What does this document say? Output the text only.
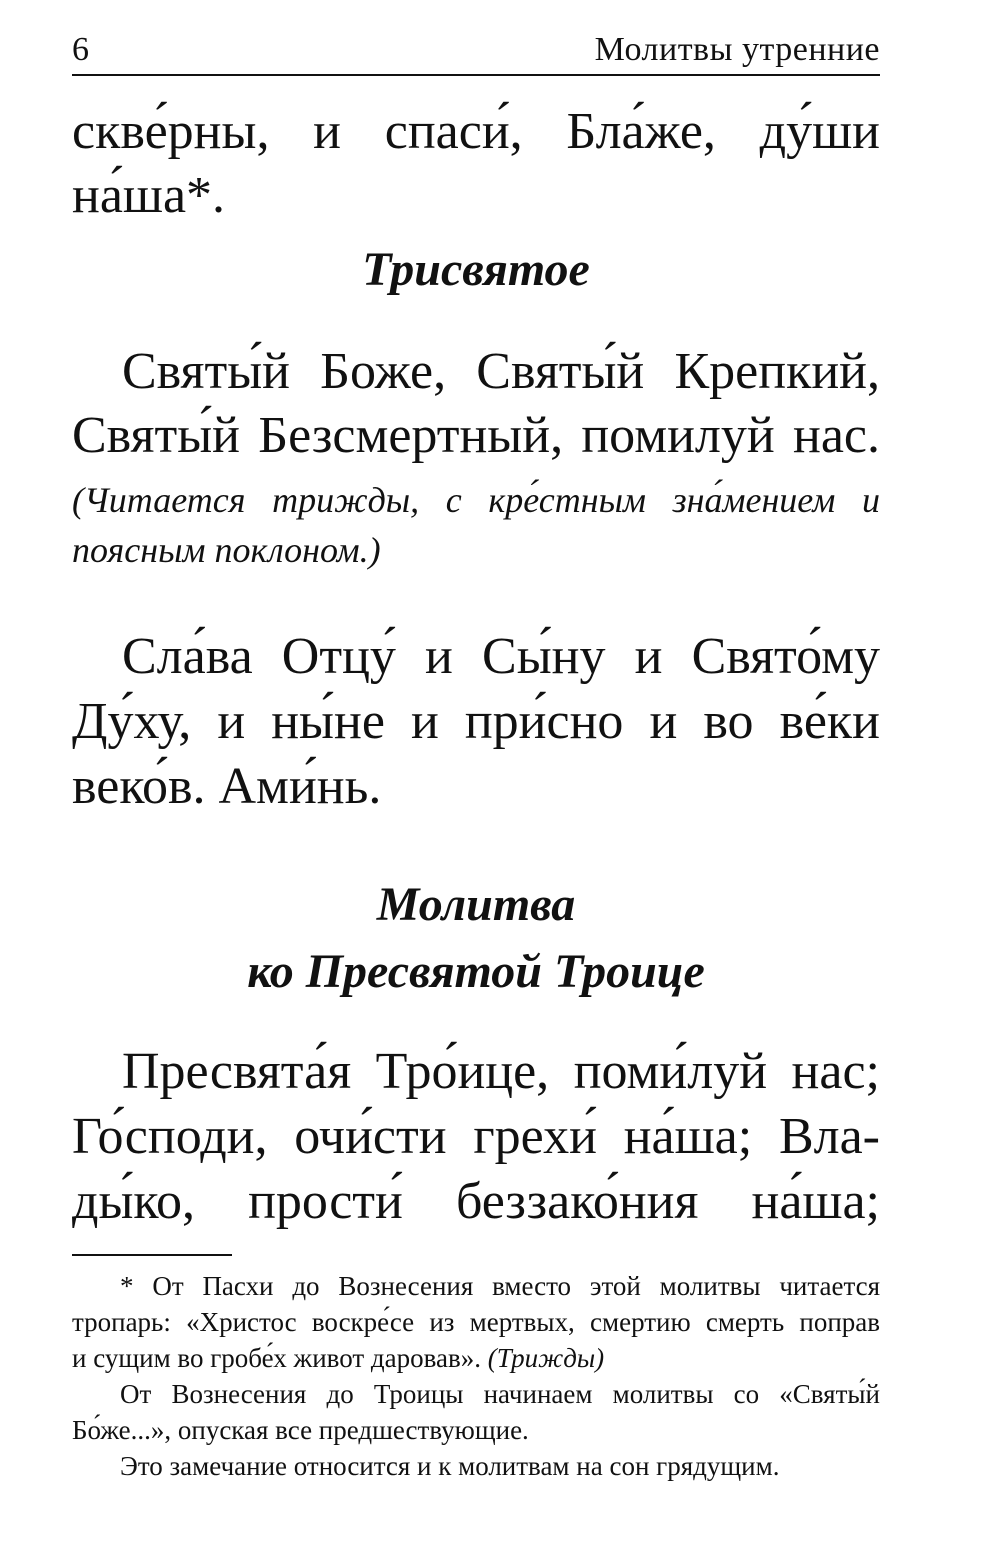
6	Молитвы утренние
скве́рны, и спаси́, Бла́же, ду́ши
на́ша*.
Трисвятое
Святы́й Боже, Святы́й Крепкий,
Святы́й Безсмертный, помилуй нас.
(Читается трижды, с кре́стным зна́мением и
поясным поклоном.)
Сла́ва Отцу́ и Сы́ну и Свято́му
Ду́ху, и ны́не и при́сно и во ве́ки
веко́в. Ами́нь.
Молитва
ко Пресвятой Троице
Пресвята́я Тро́ице, поми́луй нас;
Го́споди, очи́сти грехи́ на́ша; Вла-
ды́ко, прости́ беззако́ния на́ша;
* От Пасхи до Вознесения вместо этой молитвы читается
тропарь: «Христос воскре́се из мертвых, смертию смерть поправ
и сущим во гробе́х живот даровав». (Трижды)
От Вознесения до Троицы начинаем молитвы со «Святы́й
Бо́же...», опуская все предшествующие.
Это замечание относится и к молитвам на сон грядущим.
